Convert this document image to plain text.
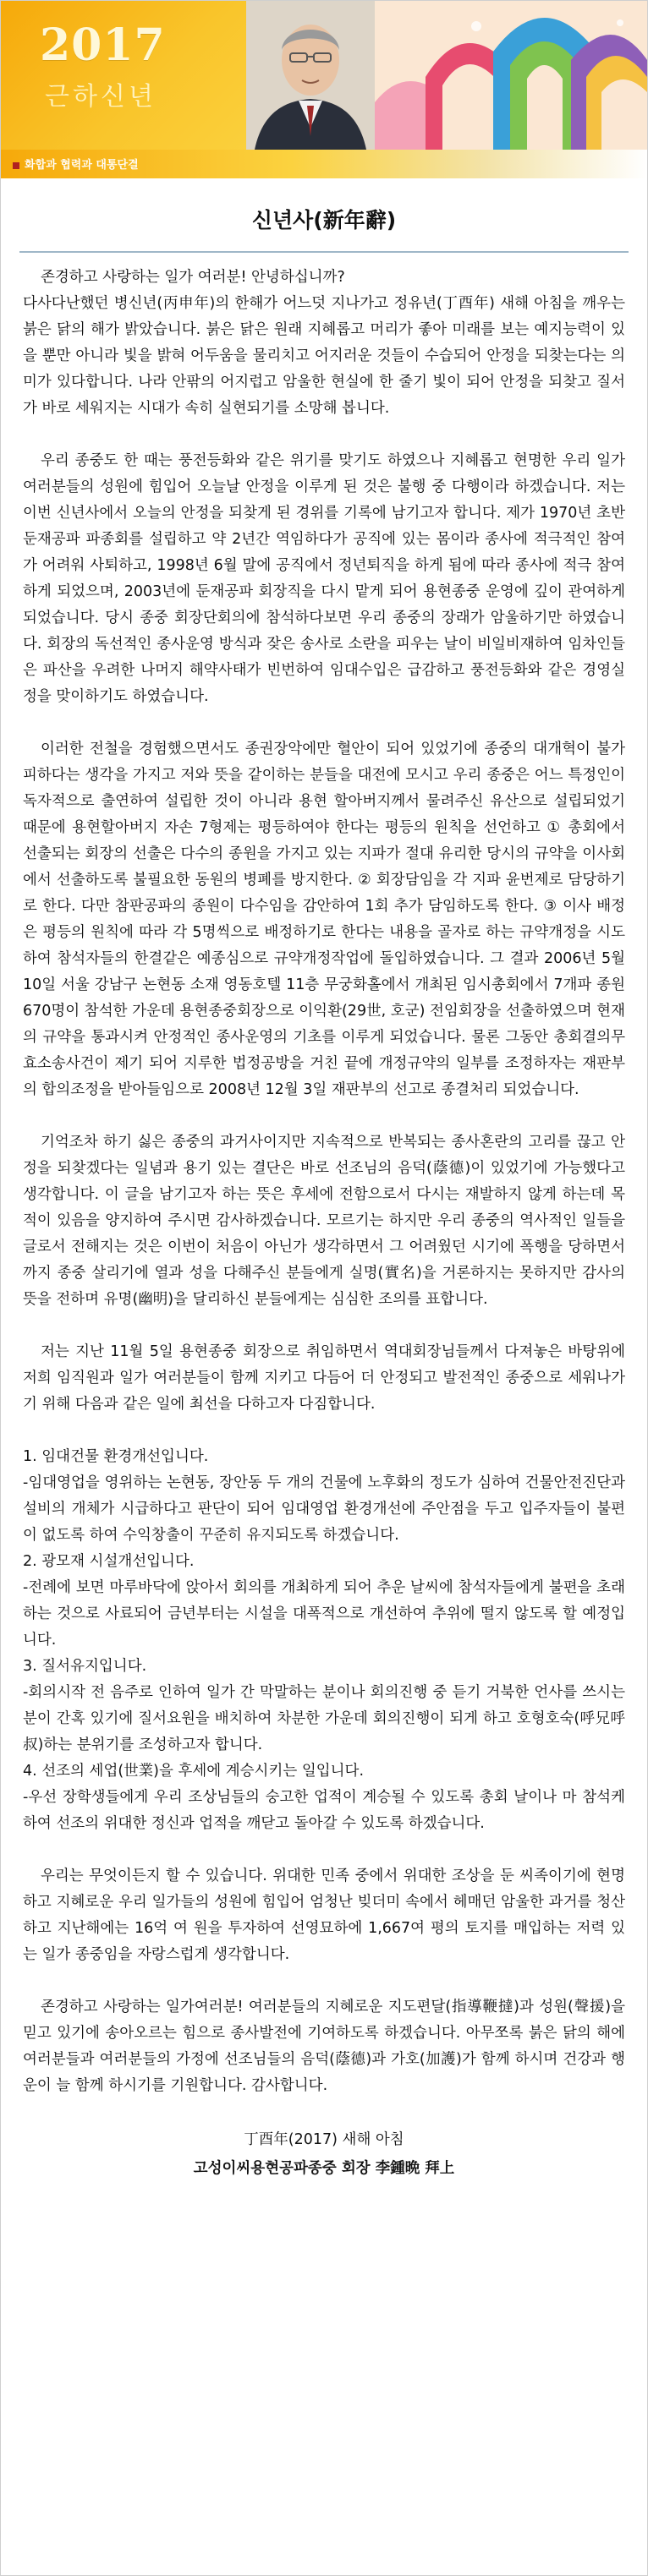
2017
근하신년
화합과 협력과 대통단결
신년사(新年辭)

존경하고 사랑하는 일가 여러분! 안녕하십니까?

다사다난했던 병신년(丙申年)의 한해가 어느덧 지나가고 정유년(丁酉年) 새해 아침을 깨우는 붉은 닭의 해가 밝았습니다. 붉은 닭은 원래 지혜롭고 머리가 좋아 미래를 보는 예지능력이 있을 뿐만 아니라 빛을 밝혀 어두움을 물리치고 어지러운 것들이 수습되어 안정을 되찾는다는 의미가 있다합니다. 나라 안팎의 어지럽고 암울한 현실에 한 줄기 빛이 되어 안정을 되찾고 질서가 바로 세워지는 시대가 속히 실현되기를 소망해 봅니다.

우리 종중도 한 때는 풍전등화와 같은 위기를 맞기도 하였으나 지혜롭고 현명한 우리 일가 여러분들의 성원에 힘입어 오늘날 안정을 이루게 된 것은 불행 중 다행이라 하겠습니다. 저는 이번 신년사에서 오늘의 안정을 되찾게 된 경위를 기록에 남기고자 합니다. 제가 1970년 초반 둔재공파 파종회를 설립하고 약 2년간 역임하다가 공직에 있는 몸이라 종사에 적극적인 참여가 어려워 사퇴하고, 1998년 6월 말에 공직에서 정년퇴직을 하게 됨에 따라 종사에 적극 참여하게 되었으며, 2003년에 둔재공파 회장직을 다시 맡게 되어 용현종중 운영에 깊이 관여하게 되었습니다. 당시 종중 회장단회의에 참석하다보면 우리 종중의 장래가 암울하기만 하였습니다. 회장의 독선적인 종사운영 방식과 잦은 송사로 소란을 피우는 날이 비일비재하여 임차인들은 파산을 우려한 나머지 해약사태가 빈번하여 임대수입은 급감하고 풍전등화와 같은 경영실정을 맞이하기도 하였습니다.

이러한 전철을 경험했으면서도 종권장악에만 혈안이 되어 있었기에 종중의 대개혁이 불가피하다는 생각을 가지고 저와 뜻을 같이하는 분들을 대전에 모시고 우리 종중은 어느 특정인이 독자적으로 출연하여 설립한 것이 아니라 용현 할아버지께서 물려주신 유산으로 설립되었기 때문에 용현할아버지 자손 7형제는 평등하여야 한다는 평등의 원칙을 선언하고 ① 총회에서 선출되는 회장의 선출은 다수의 종원을 가지고 있는 지파가 절대 유리한 당시의 규약을 이사회에서 선출하도록 불필요한 동원의 병폐를 방지한다. ② 회장담임을 각 지파 윤번제로 담당하기로 한다. 다만 참판공파의 종원이 다수임을 감안하여 1회 추가 담임하도록 한다. ③ 이사 배정은 평등의 원칙에 따라 각 5명씩으로 배정하기로 한다는 내용을 골자로 하는 규약개정을 시도하여 참석자들의 한결같은 예종심으로 규약개정작업에 돌입하였습니다. 그 결과 2006년 5월 10일 서울 강남구 논현동 소재 영동호텔 11층 무궁화홀에서 개최된 임시총회에서 7개파 종원 670명이 참석한 가운데 용현종중회장으로 이익환(29世, 호군) 전임회장을 선출하였으며 현재의 규약을 통과시켜 안정적인 종사운영의 기초를 이루게 되었습니다. 물론 그동안 총회결의무효소송사건이 제기 되어 지루한 법정공방을 거친 끝에 개정규약의 일부를 조정하자는 재판부의 합의조정을 받아들임으로 2008년 12월 3일 재판부의 선고로 종결처리 되었습니다.

기억조차 하기 싫은 종중의 과거사이지만 지속적으로 반복되는 종사혼란의 고리를 끊고 안정을 되찾겠다는 일념과 용기 있는 결단은 바로 선조님의 음덕(蔭德)이 있었기에 가능했다고 생각합니다. 이 글을 남기고자 하는 뜻은 후세에 전함으로서 다시는 재발하지 않게 하는데 목적이 있음을 양지하여 주시면 감사하겠습니다. 모르기는 하지만 우리 종중의 역사적인 일들을 글로서 전해지는 것은 이번이 처음이 아닌가 생각하면서 그 어려웠던 시기에 폭행을 당하면서까지 종중 살리기에 열과 성을 다해주신 분들에게 실명(實名)을 거론하지는 못하지만 감사의 뜻을 전하며 유명(幽明)을 달리하신 분들에게는 심심한 조의를 표합니다.

저는 지난 11월 5일 용현종중 회장으로 취임하면서 역대회장님들께서 다져놓은 바탕위에 저희 임직원과 일가 여러분들이 함께 지키고 다듬어 더 안정되고 발전적인 종중으로 세워나가기 위해 다음과 같은 일에 최선을 다하고자 다짐합니다.

1. 임대건물 환경개선입니다.

-임대영업을 영위하는 논현동, 장안동 두 개의 건물에 노후화의 정도가 심하여 건물안전진단과 설비의 개체가 시급하다고 판단이 되어 임대영업 환경개선에 주안점을 두고 입주자들이 불편이 없도록 하여 수익창출이 꾸준히 유지되도록 하겠습니다.

2. 광모재 시설개선입니다.

-전례에 보면 마루바닥에 앉아서 회의를 개최하게 되어 추운 날씨에 참석자들에게 불편을 초래하는 것으로 사료되어 금년부터는 시설을 대폭적으로 개선하여 추위에 떨지 않도록 할 예정입니다.

3. 질서유지입니다.

-회의시작 전 음주로 인하여 일가 간 막말하는 분이나 회의진행 중 듣기 거북한 언사를 쓰시는 분이 간혹 있기에 질서요원을 배치하여 차분한 가운데 회의진행이 되게 하고 호형호숙(呼兄呼叔)하는 분위기를 조성하고자 합니다.

4. 선조의 세업(世業)을 후세에 계승시키는 일입니다.

-우선 장학생들에게 우리 조상님들의 숭고한 업적이 계승될 수 있도록 총회 날이나 마 참석케 하여 선조의 위대한 정신과 업적을 깨닫고 돌아갈 수 있도록 하겠습니다.

우리는 무엇이든지 할 수 있습니다. 위대한 민족 중에서 위대한 조상을 둔 씨족이기에 현명하고 지혜로운 우리 일가들의 성원에 힘입어 엄청난 빚더미 속에서 헤매던 암울한 과거를 청산하고 지난해에는 16억 여 원을 투자하여 선영묘하에 1,667여 평의 토지를 매입하는 저력 있는 일가 종중임을 자랑스럽게 생각합니다.

존경하고 사랑하는 일가여러분! 여러분들의 지혜로운 지도편달(指導鞭撻)과 성원(聲援)을 믿고 있기에 송아오르는 힘으로 종사발전에 기여하도록 하겠습니다. 아무쪼록 붉은 닭의 해에 여러분들과 여러분들의 가정에 선조님들의 음덕(蔭德)과 가호(加護)가 함께 하시며 건강과 행운이 늘 함께 하시기를 기원합니다. 감사합니다.

丁酉年(2017) 새해 아침
고성이씨용현공파종중 회장 李鍾晩 拜上
